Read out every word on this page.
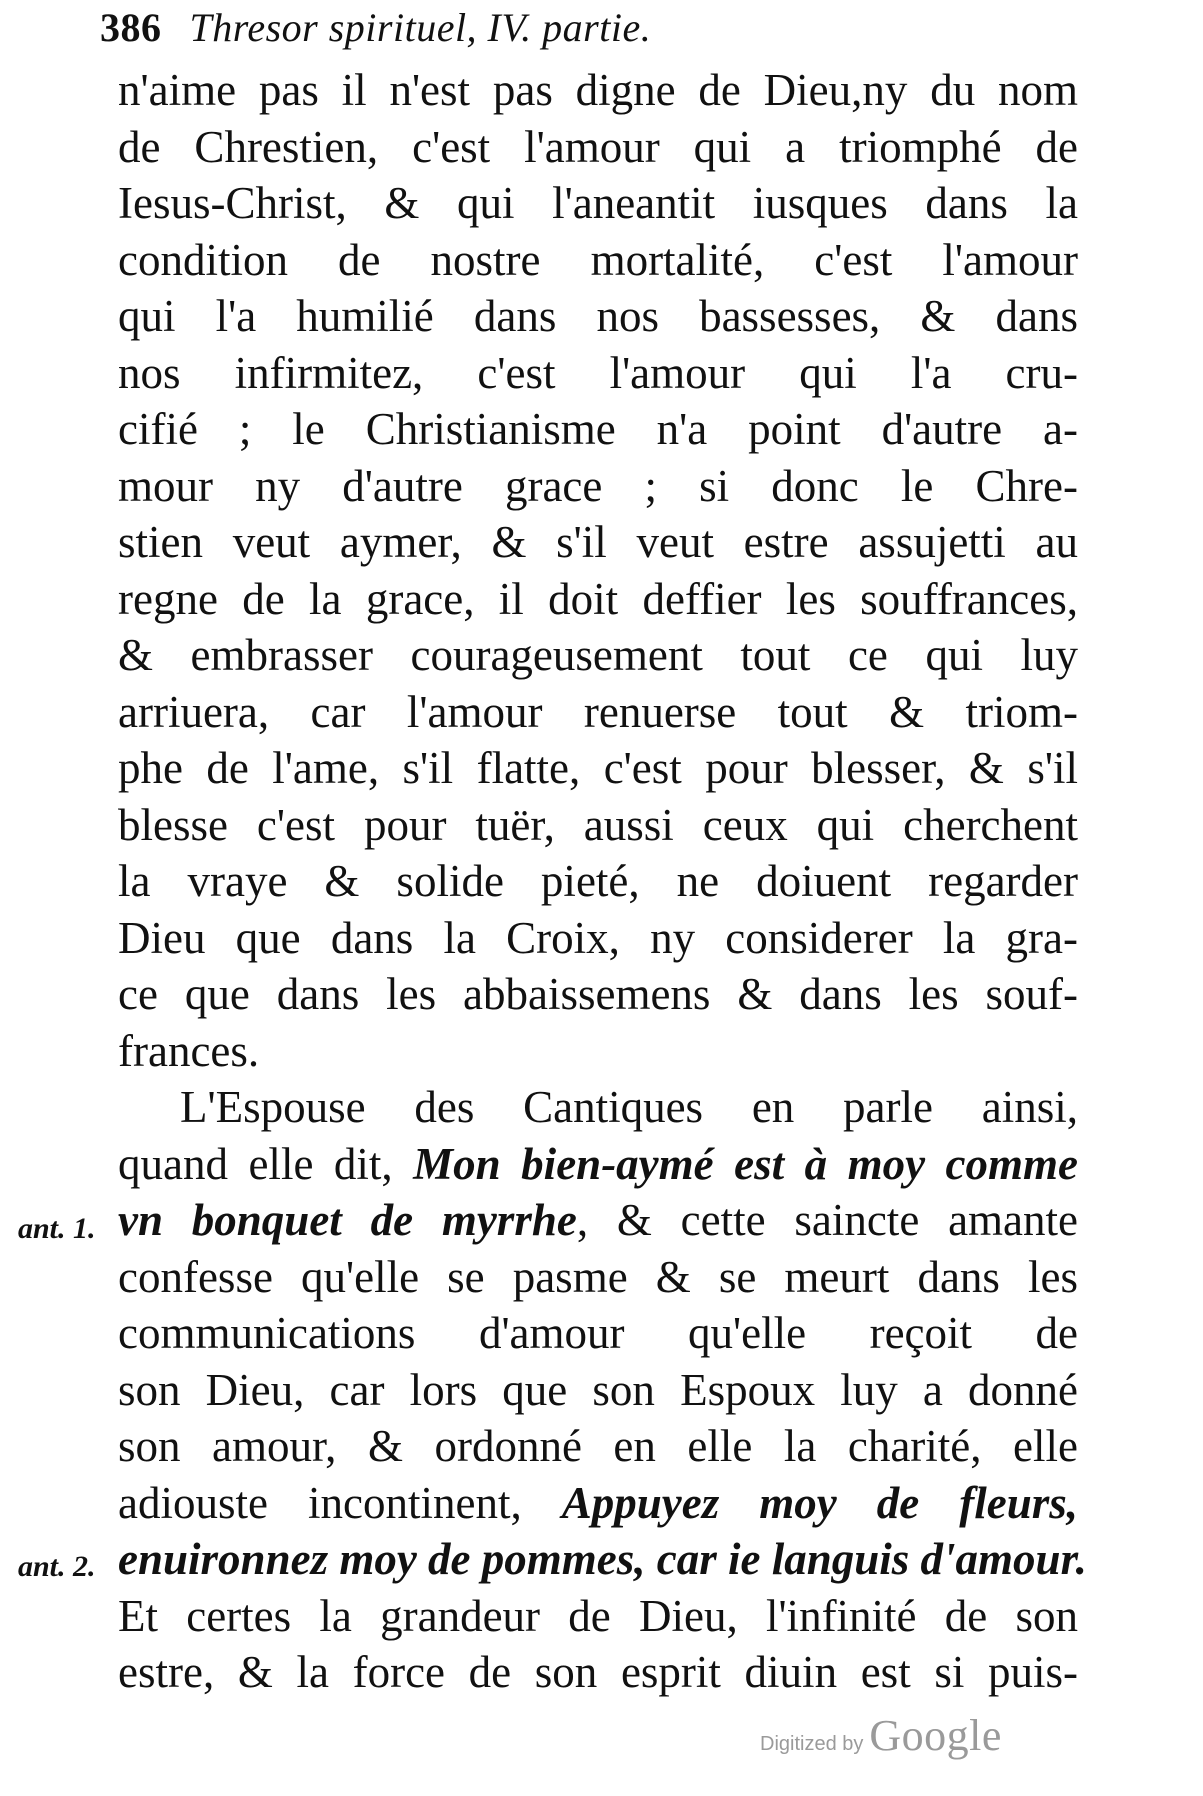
386 Thresor spirituel, IV. partie.
n'aime pas il n'est pas digne de Dieu,ny du nom
de Chrestien, c'est l'amour qui a triomphé de
Iesus-Christ, & qui l'aneantit iusques dans la
condition de nostre mortalité, c'est l'amour
qui l'a humilié dans nos bassesses, & dans
nos infirmitez, c'est l'amour qui l'a cru-
cifié ; le Christianisme n'a point d'autre a-
mour ny d'autre grace ; si donc le Chre-
stien veut aymer, & s'il veut estre assujetti au
regne de la grace, il doit deffier les souffrances,
& embrasser courageusement tout ce qui luy
arriuera, car l'amour renuerse tout & triom-
phe de l'ame, s'il flatte, c'est pour blesser, & s'il
blesse c'est pour tuër, aussi ceux qui cherchent
la vraye & solide pieté, ne doiuent regarder
Dieu que dans la Croix, ny considerer la gra-
ce que dans les abbaissemens & dans les souf-
frances.
L'Espouse des Cantiques en parle ainsi,
quand elle dit, Mon bien-aymé est à moy comme
vn bonquet de myrrhe, & cette saincte amante
confesse qu'elle se pasme & se meurt dans les
communications d'amour qu'elle reçoit de
son Dieu, car lors que son Espoux luy a donné
son amour, & ordonné en elle la charité, elle
adiouste incontinent, Appuyez moy de fleurs,
enuironnez moy de pommes, car ie languis d'amour.
Et certes la grandeur de Dieu, l'infinité de son
estre, & la force de son esprit diuin est si puis-
ant. 1.
ant. 2.
Digitized by Google
